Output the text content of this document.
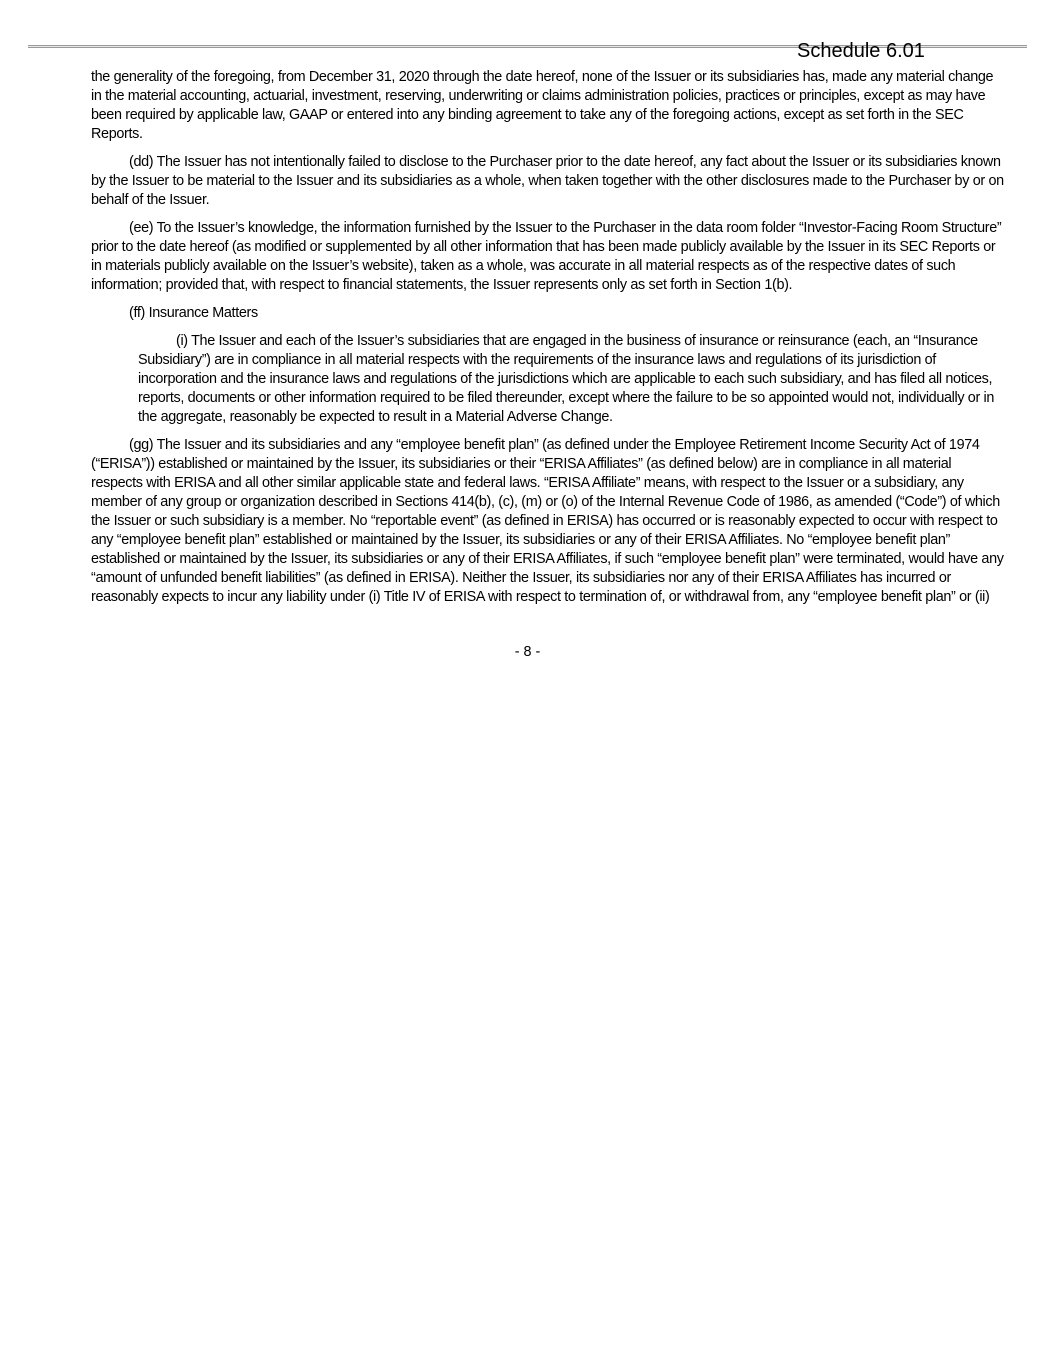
Schedule 6.01

the generality of the foregoing, from December 31, 2020 through the date hereof, none of the Issuer or its subsidiaries has, made any material change in the material accounting, actuarial, investment, reserving, underwriting or claims administration policies, practices or principles, except as may have been required by applicable law, GAAP or entered into any binding agreement to take any of the foregoing actions, except as set forth in the SEC Reports.

(dd) The Issuer has not intentionally failed to disclose to the Purchaser prior to the date hereof, any fact about the Issuer or its subsidiaries known by the Issuer to be material to the Issuer and its subsidiaries as a whole, when taken together with the other disclosures made to the Purchaser by or on behalf of the Issuer.

(ee) To the Issuer’s knowledge, the information furnished by the Issuer to the Purchaser in the data room folder “Investor-Facing Room Structure” prior to the date hereof (as modified or supplemented by all other information that has been made publicly available by the Issuer in its SEC Reports or in materials publicly available on the Issuer’s website), taken as a whole, was accurate in all material respects as of the respective dates of such information; provided that, with respect to financial statements, the Issuer represents only as set forth in Section 1(b).

(ff) Insurance Matters

(i) The Issuer and each of the Issuer’s subsidiaries that are engaged in the business of insurance or reinsurance (each, an “Insurance Subsidiary”) are in compliance in all material respects with the requirements of the insurance laws and regulations of its jurisdiction of incorporation and the insurance laws and regulations of the jurisdictions which are applicable to each such subsidiary, and has filed all notices, reports, documents or other information required to be filed thereunder, except where the failure to be so appointed would not, individually or in the aggregate, reasonably be expected to result in a Material Adverse Change.

(gg) The Issuer and its subsidiaries and any “employee benefit plan” (as defined under the Employee Retirement Income Security Act of 1974 (“ERISA”)) established or maintained by the Issuer, its subsidiaries or their “ERISA Affiliates” (as defined below) are in compliance in all material respects with ERISA and all other similar applicable state and federal laws. “ERISA Affiliate” means, with respect to the Issuer or a subsidiary, any member of any group or organization described in Sections 414(b), (c), (m) or (o) of the Internal Revenue Code of 1986, as amended (“Code”) of which the Issuer or such subsidiary is a member. No “reportable event” (as defined in ERISA) has occurred or is reasonably expected to occur with respect to any “employee benefit plan” established or maintained by the Issuer, its subsidiaries or any of their ERISA Affiliates. No “employee benefit plan” established or maintained by the Issuer, its subsidiaries or any of their ERISA Affiliates, if such “employee benefit plan” were terminated, would have any “amount of unfunded benefit liabilities” (as defined in ERISA). Neither the Issuer, its subsidiaries nor any of their ERISA Affiliates has incurred or reasonably expects to incur any liability under (i) Title IV of ERISA with respect to termination of, or withdrawal from, any “employee benefit plan” or (ii)

- 8 -
